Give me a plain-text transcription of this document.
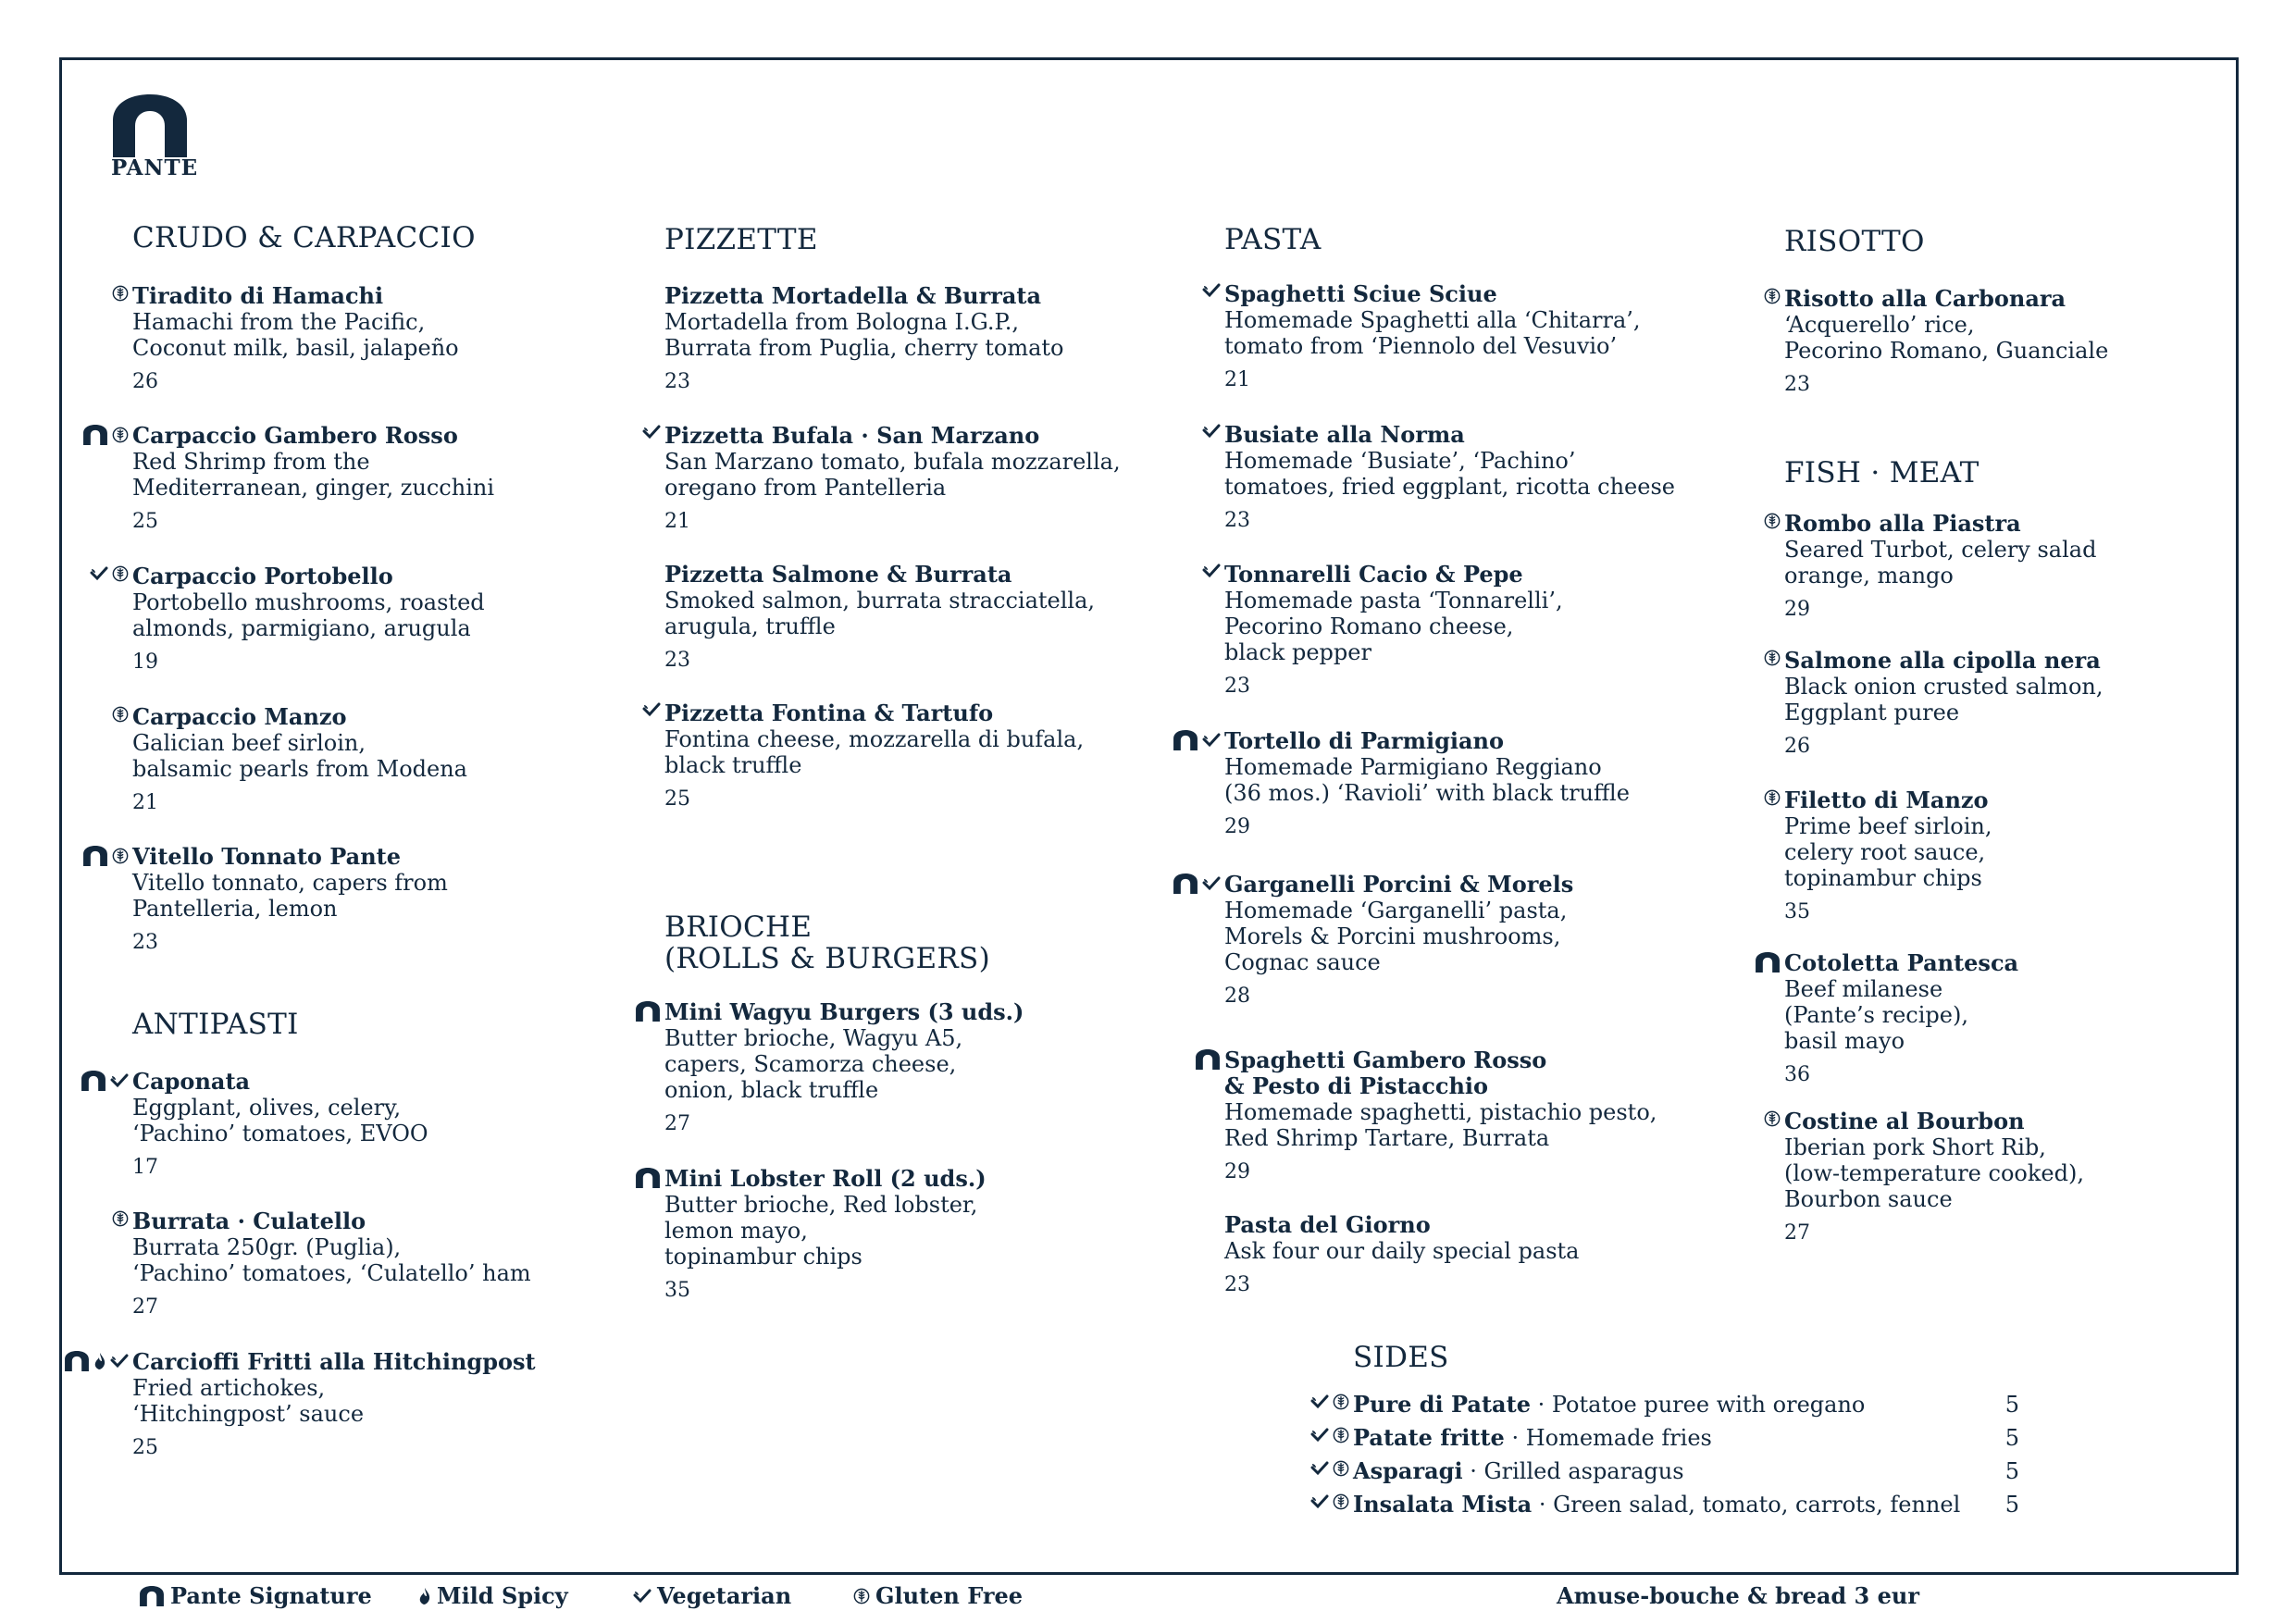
PANTE
CRUDO & CARPACCIO
Tiradito di Hamachi
Hamachi from the Pacific,
Coconut milk, basil, jalapeño
26
Carpaccio Gambero Rosso
Red Shrimp from the
Mediterranean, ginger, zucchini
25
Carpaccio Portobello
Portobello mushrooms, roasted
almonds, parmigiano, arugula
19
Carpaccio Manzo
Galician beef sirloin,
balsamic pearls from Modena
21
Vitello Tonnato Pante
Vitello tonnato, capers from
Pantelleria, lemon
23
ANTIPASTI
Caponata
Eggplant, olives, celery,
‘Pachino’ tomatoes, EVOO
17
Burrata · Culatello
Burrata 250gr. (Puglia),
‘Pachino’ tomatoes, ‘Culatello’ ham
27
Carcioffi Fritti alla Hitchingpost
Fried artichokes,
‘Hitchingpost’ sauce
25
PIZZETTE
Pizzetta Mortadella & Burrata
Mortadella from Bologna I.G.P.,
Burrata from Puglia, cherry tomato
23
Pizzetta Bufala · San Marzano
San Marzano tomato, bufala mozzarella,
oregano from Pantelleria
21
Pizzetta Salmone & Burrata
Smoked salmon, burrata stracciatella,
arugula, truffle
23
Pizzetta Fontina & Tartufo
Fontina cheese, mozzarella di bufala,
black truffle
25
BRIOCHE
(ROLLS & BURGERS)
Mini Wagyu Burgers (3 uds.)
Butter brioche, Wagyu A5,
capers, Scamorza cheese,
onion, black truffle
27
Mini Lobster Roll (2 uds.)
Butter brioche, Red lobster,
lemon mayo,
topinambur chips
35
PASTA
Spaghetti Sciue Sciue
Homemade Spaghetti alla ‘Chitarra’,
tomato from ‘Piennolo del Vesuvio’
21
Busiate alla Norma
Homemade ‘Busiate’, ‘Pachino’
tomatoes, fried eggplant, ricotta cheese
23
Tonnarelli Cacio & Pepe
Homemade pasta ‘Tonnarelli’,
Pecorino Romano cheese,
black pepper
23
Tortello di Parmigiano
Homemade Parmigiano Reggiano
(36 mos.) ‘Ravioli’ with black truffle
29
Garganelli Porcini & Morels
Homemade ‘Garganelli’ pasta,
Morels & Porcini mushrooms,
Cognac sauce
28
Spaghetti Gambero Rosso
& Pesto di Pistacchio
Homemade spaghetti, pistachio pesto,
Red Shrimp Tartare, Burrata
29
Pasta del Giorno
Ask four our daily special pasta
23
RISOTTO
Risotto alla Carbonara
‘Acquerello’ rice,
Pecorino Romano, Guanciale
23
FISH · MEAT
Rombo alla Piastra
Seared Turbot, celery salad
orange, mango
29
Salmone alla cipolla nera
Black onion crusted salmon,
Eggplant puree
26
Filetto di Manzo
Prime beef sirloin,
celery root sauce,
topinambur chips
35
Cotoletta Pantesca
Beef milanese
(Pante’s recipe),
basil mayo
36
Costine al Bourbon
Iberian pork Short Rib,
(low-temperature cooked),
Bourbon sauce
27
SIDES
Pure di Patate · Potatoe puree with oregano	5
Patate fritte · Homemade fries	5
Asparagi · Grilled asparagus	5
Insalata Mista · Green salad, tomato, carrots, fennel 5
Pante Signature	Mild Spicy	Vegetarian	Gluten Free	Amuse-bouche & bread 3 eur
